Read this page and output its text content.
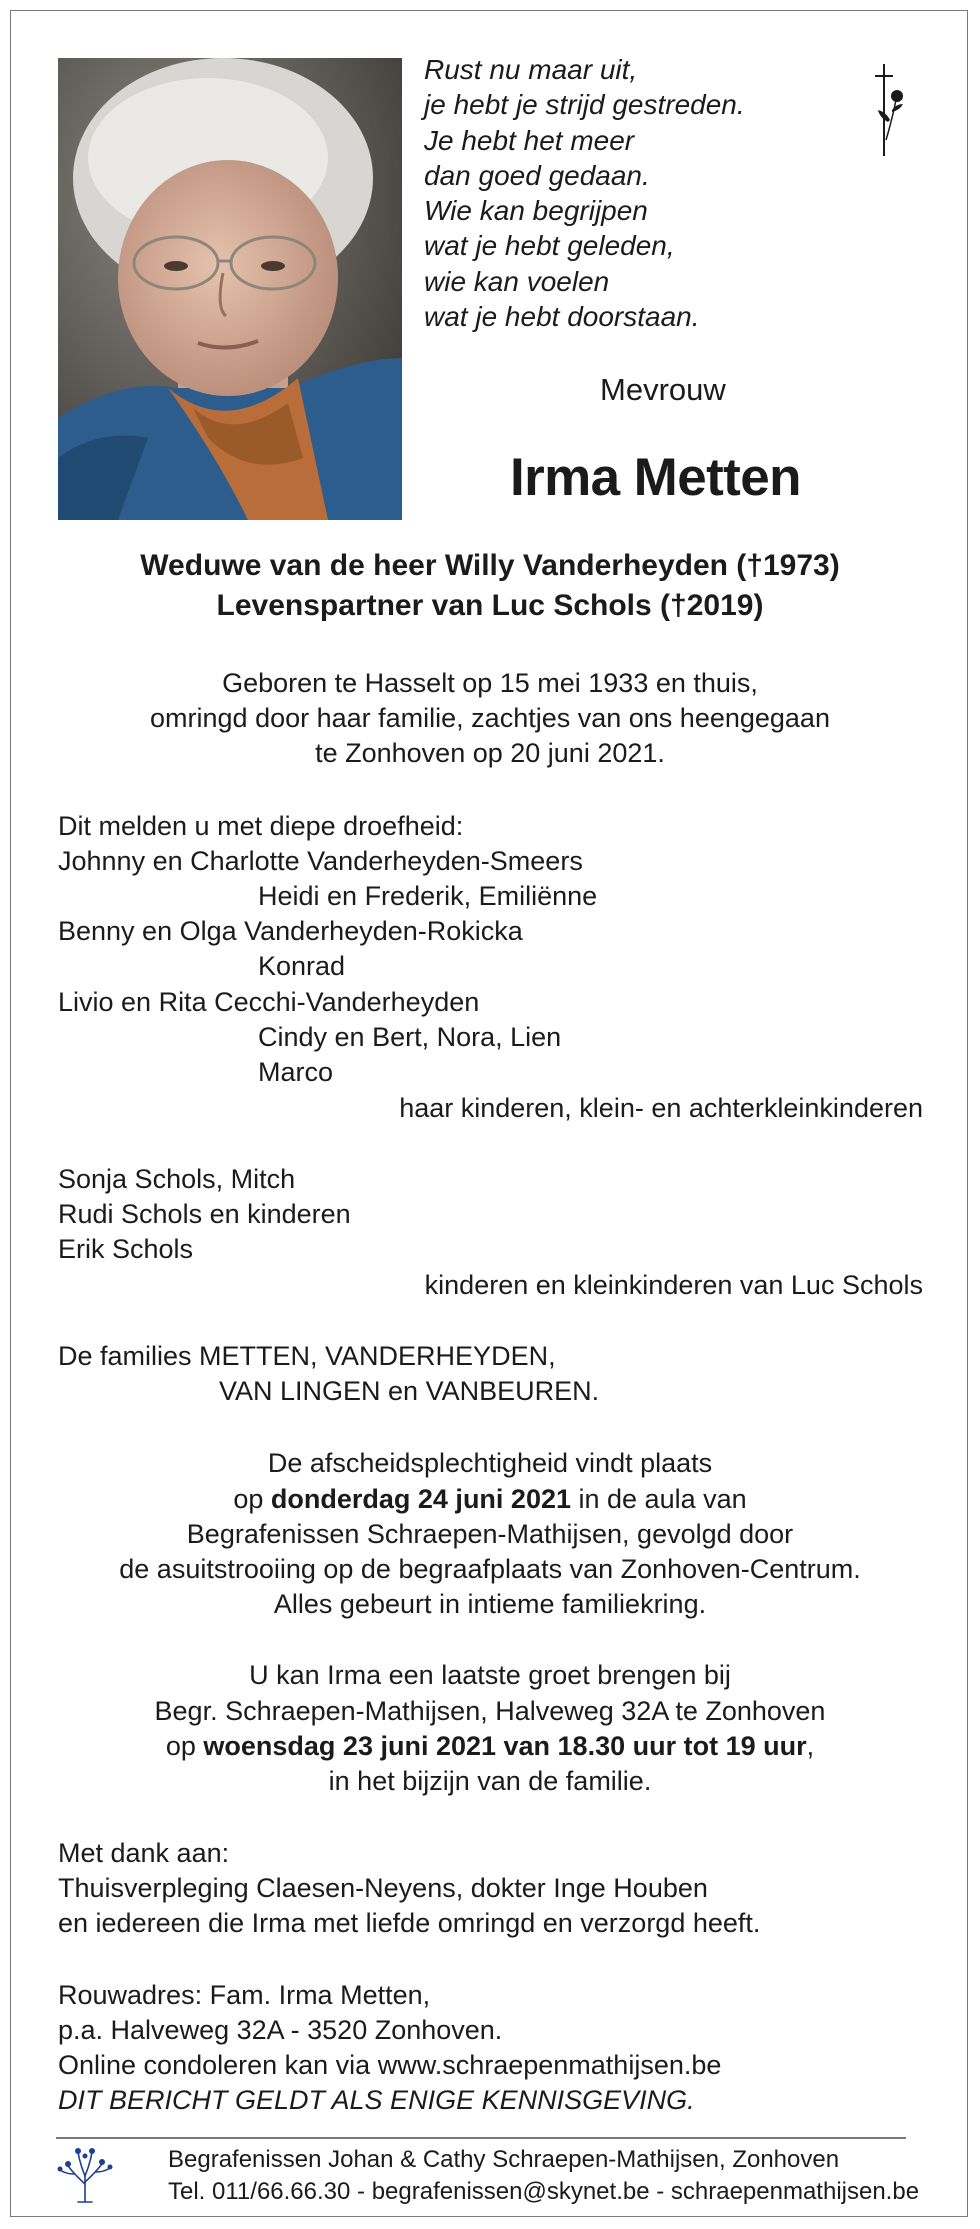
Rust nu maar uit,
je hebt je strijd gestreden.
Je hebt het meer
dan goed gedaan.
Wie kan begrijpen
wat je hebt geleden,
wie kan voelen
wat je hebt doorstaan.
Mevrouw
Irma Metten
Weduwe van de heer Willy Vanderheyden (†1973)
Levenspartner van Luc Schols (†2019)
Geboren te Hasselt op 15 mei 1933 en thuis,
omringd door haar familie, zachtjes van ons heengegaan
te Zonhoven op 20 juni 2021.
Dit melden u met diepe droefheid:
Johnny en Charlotte Vanderheyden-Smeers
Heidi en Frederik, Emiliënne
Benny en Olga Vanderheyden-Rokicka
Konrad
Livio en Rita Cecchi-Vanderheyden
Cindy en Bert, Nora, Lien
Marco
haar kinderen, klein- en achterkleinkinderen
Sonja Schols, Mitch
Rudi Schols en kinderen
Erik Schols
kinderen en kleinkinderen van Luc Schols
De families METTEN, VANDERHEYDEN,
VAN LINGEN en VANBEUREN.
De afscheidsplechtigheid vindt plaats
op donderdag 24 juni 2021 in de aula van
Begrafenissen Schraepen-Mathijsen, gevolgd door
de asuitstrooiing op de begraafplaats van Zonhoven-Centrum.
Alles gebeurt in intieme familiekring.
U kan Irma een laatste groet brengen bij
Begr. Schraepen-Mathijsen, Halveweg 32A te Zonhoven
op woensdag 23 juni 2021 van 18.30 uur tot 19 uur,
in het bijzijn van de familie.
Met dank aan:
Thuisverpleging Claesen-Neyens, dokter Inge Houben
en iedereen die Irma met liefde omringd en verzorgd heeft.
Rouwadres: Fam. Irma Metten,
p.a. Halveweg 32A - 3520 Zonhoven.
Online condoleren kan via www.schraepenmathijsen.be
DIT BERICHT GELDT ALS ENIGE KENNISGEVING.
Begrafenissen Johan & Cathy Schraepen-Mathijsen, Zonhoven
Tel. 011/66.66.30 - begrafenissen@skynet.be - schraepenmathijsen.be
